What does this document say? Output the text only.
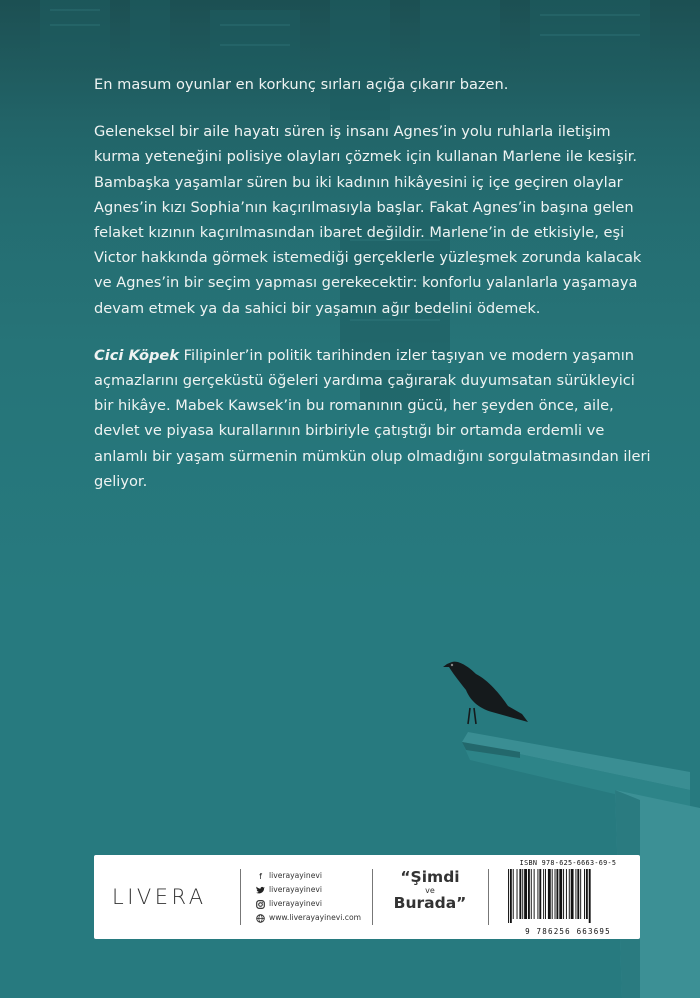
En masum oyunlar en korkunç sırları açığa çıkarır bazen.

Geleneksel bir aile hayatı süren iş insanı Agnes’in yolu ruhlarla iletişim kurma yeteneğini polisiye olayları çözmek için kullanan Marlene ile kesişir. Bambaşka yaşamlar süren bu iki kadının hikâyesini iç içe geçiren olaylar Agnes’in kızı Sophia’nın kaçırılmasıyla başlar. Fakat Agnes’in başına gelen felaket kızının kaçırılmasından ibaret değildir. Marlene’in de etkisiyle, eşi Victor hakkında görmek istemediği gerçeklerle yüzleşmek zorunda kalacak ve Agnes’in bir seçim yapması gerekecektir: konforlu yalanlarla yaşamaya devam etmek ya da sahici bir yaşamın ağır bedelini ödemek.

Cici Köpek Filipinler’in politik tarihinden izler taşıyan ve modern yaşamın açmazlarını gerçeküstü öğeleri yardıma çağırarak duyumsatan sürükleyici bir hikâye. Mabek Kawsek’in bu romanının gücü, her şeyden önce, aile, devlet ve piyasa kurallarının birbiriyle çatıştığı bir ortamda erdemli ve anlamlı bir yaşam sürmenin mümkün olup olmadığını sorgulatmasından ileri geliyor.

LIVERA
f liverayayinevi
liverayayinevi
liverayayinevi
www.liverayayinevi.com
“Şimdi
ve
Burada”
ISBN 978-625-6663-69-5
9 786256 663695
